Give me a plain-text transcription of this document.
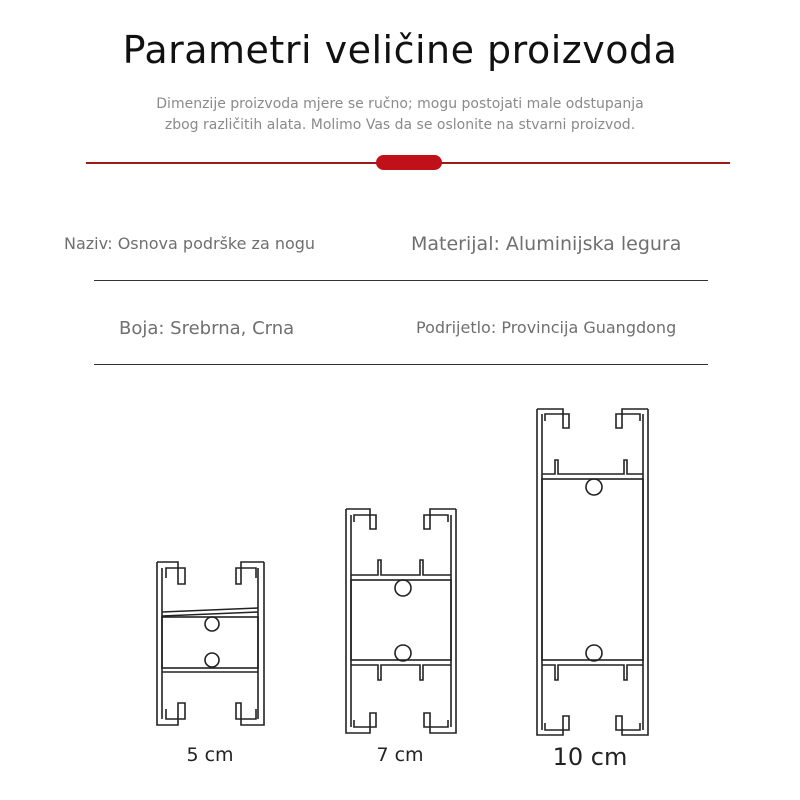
Parametri veličine proizvoda
Dimenzije proizvoda mjere se ručno; mogu postojati male odstupanja
zbog različitih alata. Molimo Vas da se oslonite na stvarni proizvod.
Naziv: Osnova podrške za nogu	Materijal: Aluminijska legura
Boja: Srebrna, Crna	Podrijetlo: Provincija Guangdong
5 cm	7 cm	10 cm
